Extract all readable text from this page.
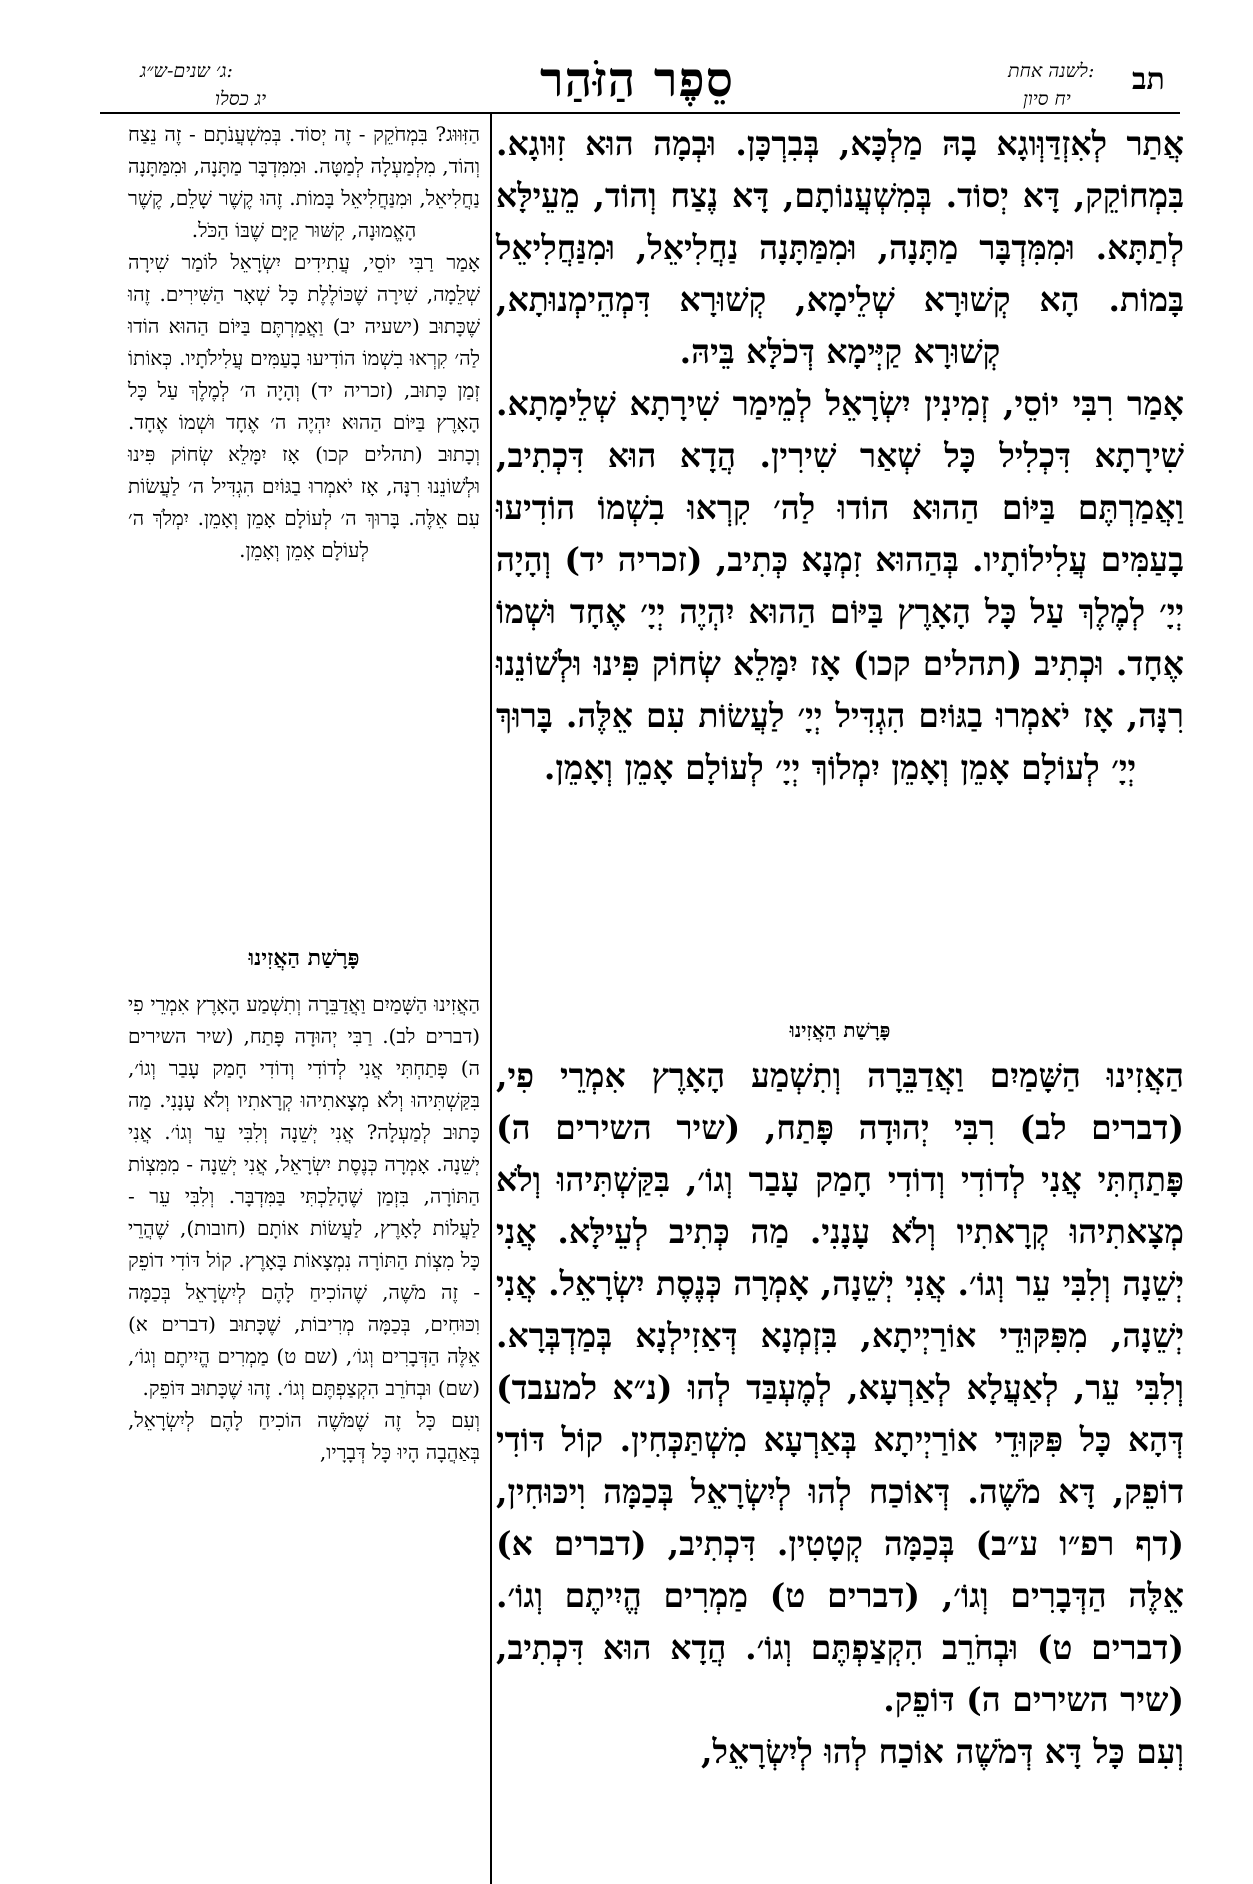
תב
לשנה אחת:
יח סיון
סֵפֶר הַזֹּהַר
ג׳ שנים-ש״ג:
יג כסלו

אֲתַר לְאִזְדַּוְּוגָא בָהּ מַלְכָּא, בְּבִרְכָּן. וּבְמָה הוּא זִוּוגָא. בִּמְחוֹקֵק, דָּא יְסוֹד. בְּמִשְׁעֲנוֹתָם, דָּא נֶצַח וְהוֹד, מֵעֵילָּא לְתַתָּא. וּמִמִּדְבָּר מַתָּנָה, וּמִמַּתָּנָה נַחֲלִיאֵל, וּמִנַּחֲלִיאֵל בָּמוֹת. הָא קְשׁוּרָא שְׁלֵימָא, קְשׁוּרָא דִּמְהֵימְנוּתָא, קְשׁוּרָא קַיְּימָא דְּכֹלָּא בֵּיהּ.

אָמַר רִבִּי יוֹסֵי, זְמִינִין יִשְׂרָאֵל לְמֵימַר שִׁירָתָא שְׁלֵימָתָא. שִׁירָתָא דִּכְלִיל כָּל שְׁאַר שִׁירִין. הֲדָא הוּא דִּכְתִיב, וַאֲמַרְתֶּם בַּיּוֹם הַהוּא הוֹדוּ לַה׳ קִרְאוּ בִשְׁמוֹ הוֹדִיעוּ בָעַמִּים עֲלִילוֹתָיו. בְּהַהוּא זִמְנָא כְּתִיב, (זכריה יד) וְהָיָה יְיָ׳ לְמֶלֶךְ עַל כָּל הָאָרֶץ בַּיּוֹם הַהוּא יִהְיֶה יְיָ׳ אֶחָד וּשְׁמוֹ אֶחָד. וּכְתִיב (תהלים קכו) אָז יִמָּלֵא שְׂחוֹק פִּינוּ וּלְשׁוֹנֵנוּ רִנָּה, אָז יֹאמְרוּ בַגּוֹיִם הִגְדִּיל יְיָ׳ לַעֲשׂוֹת עִם אֵלֶּה. בָּרוּךְ יְיָ׳ לְעוֹלָם אָמֵן וְאָמֵן יִמְלוֹךְ יְיָ׳ לְעוֹלָם אָמֵן וְאָמֵן.

הַזִּוּוּג? בִּמְחֹקֵק - זֶה יְסוֹד. בְּמִשְׁעֲנֹתָם - זֶה נֵצַח וְהוֹד, מִלְמַעְלָה לְמַטָּה. וּמִמִּדְבָּר מַתָּנָה, וּמִמַּתָּנָה נַחֲלִיאֵל, וּמִנַּחֲלִיאֵל בָּמוֹת. זֶהוּ קֶשֶׁר שָׁלֵם, קֶשֶׁר הָאֱמוּנָה, קִשּׁוּר קַיָּם שֶׁבּוֹ הַכֹּל.

אָמַר רַבִּי יוֹסֵי, עֲתִידִים יִשְׂרָאֵל לוֹמַר שִׁירָה שְׁלֵמָה, שִׁירָה שֶׁכּוֹלֶלֶת כָּל שְׁאָר הַשִּׁירִים. זֶהוּ שֶׁכָּתוּב (ישעיה יב) וַאֲמַרְתֶּם בַּיּוֹם הַהוּא הוֹדוּ לַה׳ קִרְאוּ בִשְׁמוֹ הוֹדִיעוּ בָעַמִּים עֲלִילֹתָיו. כְּאוֹתוֹ זְמַן כָּתוּב, (זכריה יד) וְהָיָה ה׳ לְמֶלֶךְ עַל כָּל הָאָרֶץ בַּיּוֹם הַהוּא יִהְיֶה ה׳ אֶחָד וּשְׁמוֹ אֶחָד. וְכָתוּב (תהלים קכו) אָז יִמָּלֵא שְׂחוֹק פִּינוּ וּלְשׁוֹנֵנוּ רִנָּה, אָז יֹאמְרוּ בַגּוֹיִם הִגְדִּיל ה׳ לַעֲשׂוֹת עִם אֵלֶּה. בָּרוּךְ ה׳ לְעוֹלָם אָמֵן וְאָמֵן. יִמְלֹךְ ה׳ לְעוֹלָם אָמֵן וְאָמֵן.

פָּרָשַׁת הַאֲזִינוּ
פָּרָשַׁת הַאֲזִינוּ

הַאֲזִינוּ הַשָּׁמַיִם וַאֲדַבֵּרָה וְתִשְׁמַע הָאָרֶץ אִמְרֵי פִי (דברים לב). רַבִּי יְהוּדָה פָּתַח, (שיר השירים ה) פָּתַחְתִּי אֲנִי לְדוֹדִי וְדוֹדִי חָמַק עָבַר וְגוֹ׳, בִּקַּשְׁתִּיהוּ וְלֹא מְצָאתִיהוּ קְרָאתִיו וְלֹא עָנָנִי. מַה כָּתוּב לְמַעְלָה? אֲנִי יְשֵׁנָה וְלִבִּי עֵר וְגוֹ׳. אֲנִי יְשֵׁנָה. אָמְרָה כְּנֶסֶת יִשְׂרָאֵל, אֲנִי יְשֵׁנָה - מִמִּצְוֹת הַתּוֹרָה, בִּזְמַן שֶׁהָלַכְתִּי בַּמִּדְבָּר. וְלִבִּי עֵר - לַעֲלוֹת לָאָרֶץ, לַעֲשׂוֹת אוֹתָם (חובות), שֶׁהֲרֵי כָּל מִצְוֹת הַתּוֹרָה נִמְצָאוֹת בָּאָרֶץ. קוֹל דּוֹדִי דוֹפֵק - זֶה מֹשֶׁה, שֶׁהוֹכִיחַ לָהֶם לְיִשְׂרָאֵל בְּכַמָּה וִכּוּחִים, בְּכַמָּה מְרִיבוֹת, שֶׁכָּתוּב (דברים א) אֵלֶּה הַדְּבָרִים וְגוֹ׳, (שם ט) מַמְרִים הֱיִיתֶם וְגוֹ׳, (שם) וּבְחֹרֵב הִקְצַפְתֶּם וְגוֹ׳. זֶהוּ שֶׁכָּתוּב דּוֹפֵק.

וְעִם כָּל זֶה שֶׁמֹּשֶׁה הוֹכִיחַ לָהֶם לְיִשְׂרָאֵל, בְּאַהֲבָה הָיוּ כָּל דְּבָרָיו,

הַאֲזִינוּ הַשָּׁמַיִם וַאֲדַבֵּרָה וְתִשְׁמַע הָאָרֶץ אִמְרֵי פִי, (דברים לב) רִבִּי יְהוּדָה פָּתַח, (שיר השירים ה) פָּתַחְתִּי אֲנִי לְדוֹדִי וְדוֹדִי חָמַק עָבַר וְגוֹ׳, בִּקַּשְׁתִּיהוּ וְלֹא מְצָאתִיהוּ קְרָאתִיו וְלֹא עָנָנִי. מַה כְּתִיב לְעֵילָּא. אֲנִי יְשֵׁנָה וְלִבִּי עֵר וְגוֹ׳. אֲנִי יְשֵׁנָה, אָמְרָה כְּנֶסֶת יִשְׂרָאֵל. אֲנִי יְשֵׁנָה, מִפִּקּוּדֵי אוֹרַיְיתָא, בִּזְמְנָא דְּאַזִילְנָא בְּמַדְבְּרָא. וְלִבִּי עֵר, לְאַעֲלָא לְאַרְעָא, לְמֶעְבַּד לְהוּ (נ״א למעבד) דְּהָא כָּל פִּקּוּדֵי אוֹרַיְיתָא בְּאַרְעָא מִשְׁתַּכְּחִין. קוֹל דּוֹדִי דוֹפֵק, דָּא מֹשֶׁה. דְּאוֹכַח לְהוּ לְיִשְׂרָאֵל בְּכַמָּה וִיכּוּחִין, (דף רפ״ו ע״ב) בְּכַמָּה קְטָטִין. דִּכְתִיב, (דברים א) אֵלֶּה הַדְּבָרִים וְגוֹ׳, (דברים ט) מַמְרִים הֱיִיתֶם וְגוֹ׳. (דברים ט) וּבְחֹרֵב הִקְצַפְתֶּם וְגוֹ׳. הֲדָא הוּא דִּכְתִיב, (שיר השירים ה) דּוֹפֵק.

וְעִם כָּל דָּא דְּמֹשֶׁה אוֹכַח לְהוּ לְיִשְׂרָאֵל,
